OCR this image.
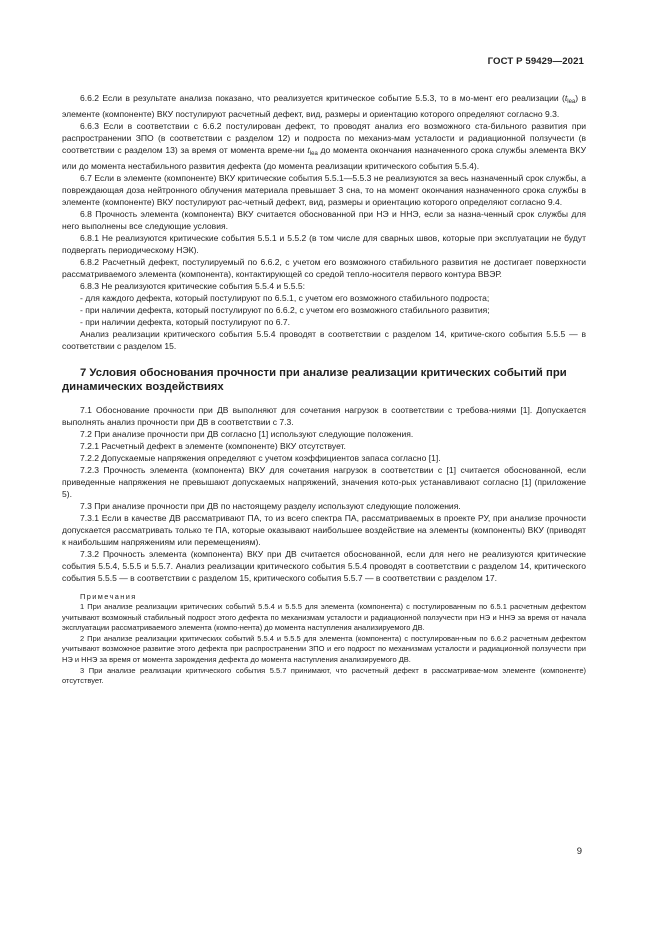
ГОСТ Р 59429—2021

6.6.2 Если в результате анализа показано, что реализуется критическое событие 5.5.3, то в мо-мент его реализации $(t_{lea})$ в элементе (компоненте) ВКУ постулируют расчетный дефект, вид, размеры и ориентацию которого определяют согласно 9.3.

6.6.3 Если в соответствии с 6.6.2 постулирован дефект, то проводят анализ его возможного ста-бильного развития при распространении ЗПО (в соответствии с разделом 12) и подроста по механиз-мам усталости и радиационной ползучести (в соответствии с разделом 13) за время от момента време-ни $t_{lea}$ до момента окончания назначенного срока службы элемента ВКУ или до момента нестабильного развития дефекта (до момента реализации критического события 5.5.4).

6.7 Если в элементе (компоненте) ВКУ критические события 5.5.1—5.5.3 не реализуются за весь назначенный срок службы, а повреждающая доза нейтронного облучения материала превышает 3 сна, то на момент окончания назначенного срока службы в элементе (компоненте) ВКУ постулируют рас-четный дефект, вид, размеры и ориентацию которого определяют согласно 9.4.

6.8 Прочность элемента (компонента) ВКУ считается обоснованной при НЭ и ННЭ, если за назна-ченный срок службы для него выполнены все следующие условия.

6.8.1 Не реализуются критические события 5.5.1 и 5.5.2 (в том числе для сварных швов, которые при эксплуатации не будут подвергать периодическому НЭК).

6.8.2 Расчетный дефект, постулируемый по 6.6.2, с учетом его возможного стабильного развития не достигает поверхности рассматриваемого элемента (компонента), контактирующей со средой тепло-носителя первого контура ВВЭР.

6.8.3 Не реализуются критические события 5.5.4 и 5.5.5:

- для каждого дефекта, который постулируют по 6.5.1, с учетом его возможного стабильного подроста;

- при наличии дефекта, который постулируют по 6.6.2, с учетом его возможного стабильного развития;

- при наличии дефекта, который постулируют по 6.7.

Анализ реализации критического события 5.5.4 проводят в соответствии с разделом 14, критиче-ского события 5.5.5 — в соответствии с разделом 15.

7 Условия обоснования прочности при анализе реализации критических событий при динамических воздействиях

7.1 Обоснование прочности при ДВ выполняют для сочетания нагрузок в соответствии с требова-ниями [1]. Допускается выполнять анализ прочности при ДВ в соответствии с 7.3.

7.2 При анализе прочности при ДВ согласно [1] используют следующие положения.

7.2.1 Расчетный дефект в элементе (компоненте) ВКУ отсутствует.

7.2.2 Допускаемые напряжения определяют с учетом коэффициентов запаса согласно [1].

7.2.3 Прочность элемента (компонента) ВКУ для сочетания нагрузок в соответствии с [1] считается обоснованной, если приведенные напряжения не превышают допускаемых напряжений, значения кото-рых устанавливают согласно [1] (приложение 5).

7.3 При анализе прочности при ДВ по настоящему разделу используют следующие положения.

7.3.1 Если в качестве ДВ рассматривают ПА, то из всего спектра ПА, рассматриваемых в проекте РУ, при анализе прочности допускается рассматривать только те ПА, которые оказывают наибольшее воздействие на элементы (компоненты) ВКУ (приводят к наибольшим напряжениям или перемещениям).

7.3.2 Прочность элемента (компонента) ВКУ при ДВ считается обоснованной, если для него не реализуются критические события 5.5.4, 5.5.5 и 5.5.7. Анализ реализации критического события 5.5.4 проводят в соответствии с разделом 14, критического события 5.5.5 — в соответствии с разделом 15, критического события 5.5.7 — в соответствии с разделом 17.

Примечания

1 При анализе реализации критических событий 5.5.4 и 5.5.5 для элемента (компонента) с постулированным по 6.5.1 расчетным дефектом учитывают возможный стабильный подрост этого дефекта по механизмам усталости и радиационной ползучести при НЭ и ННЭ за время от начала эксплуатации рассматриваемого элемента (компо-нента) до момента наступления анализируемого ДВ.

2 При анализе реализации критических событий 5.5.4 и 5.5.5 для элемента (компонента) с постулирован-ным по 6.6.2 расчетным дефектом учитывают возможное развитие этого дефекта при распространении ЗПО и его подрост по механизмам усталости и радиационной ползучести при НЭ и ННЭ за время от момента зарождения дефекта до момента наступления анализируемого ДВ.

3 При анализе реализации критического события 5.5.7 принимают, что расчетный дефект в рассматривае-мом элементе (компоненте) отсутствует.

9
